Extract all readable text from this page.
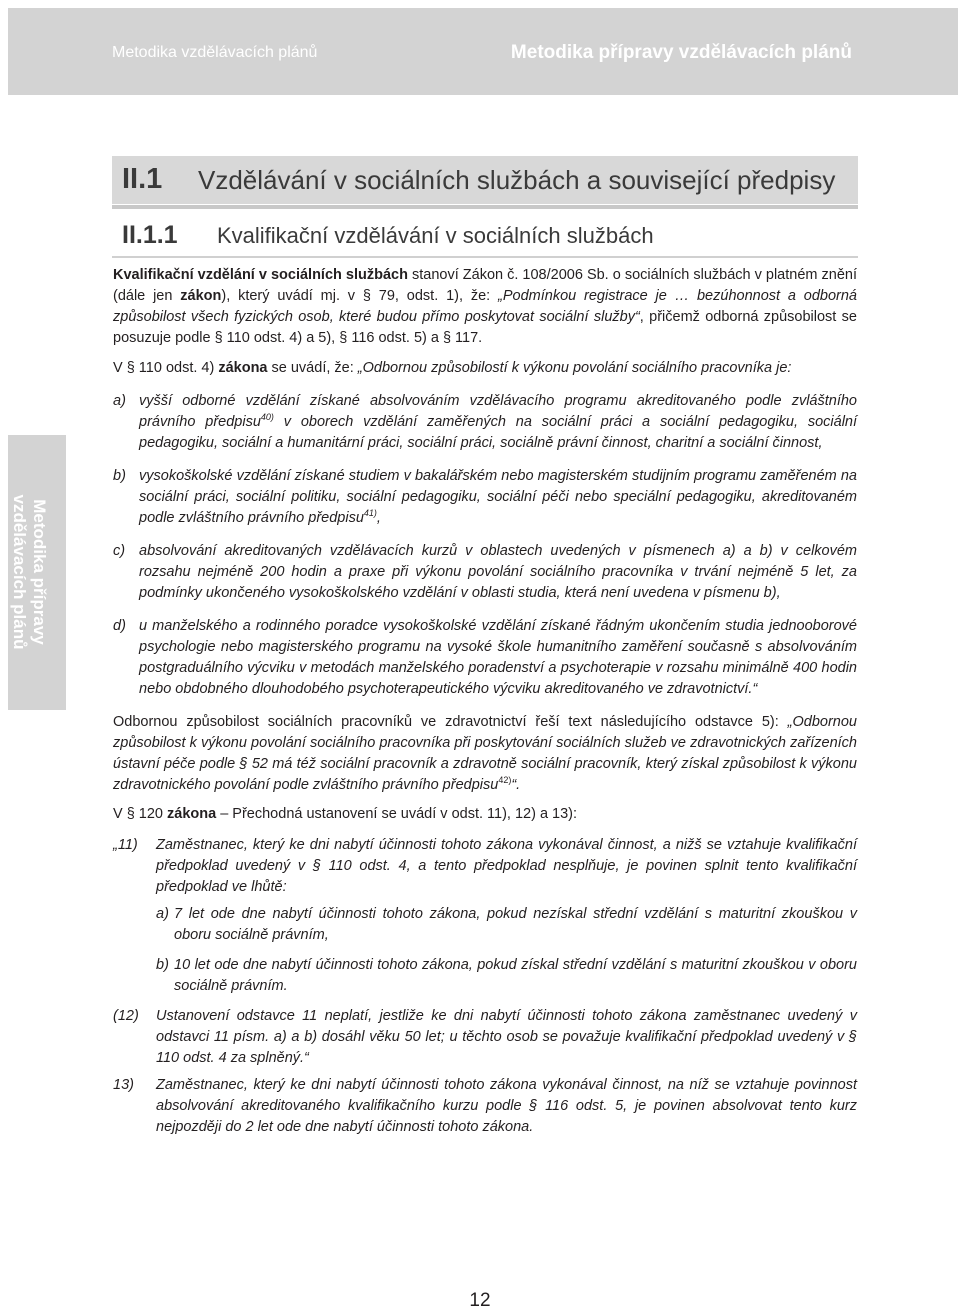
Metodika vzdělávacích plánů	Metodika přípravy vzdělávacích plánů
II.1 Vzdělávání v sociálních službách a související předpisy
II.1.1 Kvalifikační vzdělávání v sociálních službách
Metodika přípravy
vzdělávacích plánů

Kvalifikační vzdělání v sociálních službách stanoví Zákon č. 108/2006 Sb. o sociálních službách v platném znění (dále jen zákon), který uvádí mj. v § 79, odst. 1), že: „Podmínkou registrace je … bezúhonnost a odborná způsobilost všech fyzických osob, které budou přímo poskytovat sociální služby“, přičemž odborná způsobilost se posuzuje podle § 110 odst. 4) a 5), § 116 odst. 5) a § 117.

V § 110 odst. 4) zákona se uvádí, že: „Odbornou způsobilostí k výkonu povolání sociálního pracovníka je:

a) vyšší odborné vzdělání získané absolvováním vzdělávacího programu akreditovaného podle zvláštního právního předpisu$^{40)}$ v oborech vzdělání zaměřených na sociální práci a sociální pedagogiku, sociální pedagogiku, sociální a humanitární práci, sociální práci, sociálně právní činnost, charitní a sociální činnost,
b) vysokoškolské vzdělání získané studiem v bakalářském nebo magisterském studijním programu zaměřeném na sociální práci, sociální politiku, sociální pedagogiku, sociální péči nebo speciální pedagogiku, akreditovaném podle zvláštního právního předpisu$^{41)}$,
c) absolvování akreditovaných vzdělávacích kurzů v oblastech uvedených v písmenech a) a b) v celkovém rozsahu nejméně 200 hodin a praxe při výkonu povolání sociálního pracovníka v trvání nejméně 5 let, za podmínky ukončeného vysokoškolského vzdělání v oblasti studia, která není uvedena v písmenu b),
d) u manželského a rodinného poradce vysokoškolské vzdělání získané řádným ukončením studia jednooborové psychologie nebo magisterského programu na vysoké škole humanitního zaměření současně s absolvováním postgraduálního výcviku v metodách manželského poradenství a psychoterapie v rozsahu minimálně 400 hodin nebo obdobného dlouhodobého psychoterapeutického výcviku akreditovaného ve zdravotnictví.“

Odbornou způsobilost sociálních pracovníků ve zdravotnictví řeší text následujícího odstavce 5): „Odbornou způsobilost k výkonu povolání sociálního pracovníka při poskytování sociálních služeb ve zdravotnických zařízeních ústavní péče podle § 52 má též sociální pracovník a zdravotně sociální pracovník, který získal způsobilost k výkonu zdravotnického povolání podle zvláštního právního předpisu$^{42)}$“.

V § 120 zákona – Přechodná ustanovení se uvádí v odst. 11), 12) a 13):

„11)	Zaměstnanec, který ke dni nabytí účinnosti tohoto zákona vykonával činnost, a nižš se vztahuje kvalifikační předpoklad uvedený v § 110 odst. 4, a tento předpoklad nesplňuje, je povinen splnit tento kvalifikační předpoklad ve lhůtě:
a) 7 let ode dne nabytí účinnosti tohoto zákona, pokud nezískal střední vzdělání s maturitní zkouškou v oboru sociálně právním,
b) 10 let ode dne nabytí účinnosti tohoto zákona, pokud získal střední vzdělání s maturitní zkouškou v oboru sociálně právním.
(12)	Ustanovení odstavce 11 neplatí, jestliže ke dni nabytí účinnosti tohoto zákona zaměstnanec uvedený v odstavci 11 písm. a) a b) dosáhl věku 50 let; u těchto osob se považuje kvalifikační předpoklad uvedený v § 110 odst. 4 za splněný.“
13)	Zaměstnanec, který ke dni nabytí účinnosti tohoto zákona vykonával činnost, na níž se vztahuje povinnost absolvování akreditovaného kvalifikačního kurzu podle § 116 odst. 5, je povinen absolvovat tento kurz nejpozději do 2 let ode dne nabytí účinnosti tohoto zákona.
12
